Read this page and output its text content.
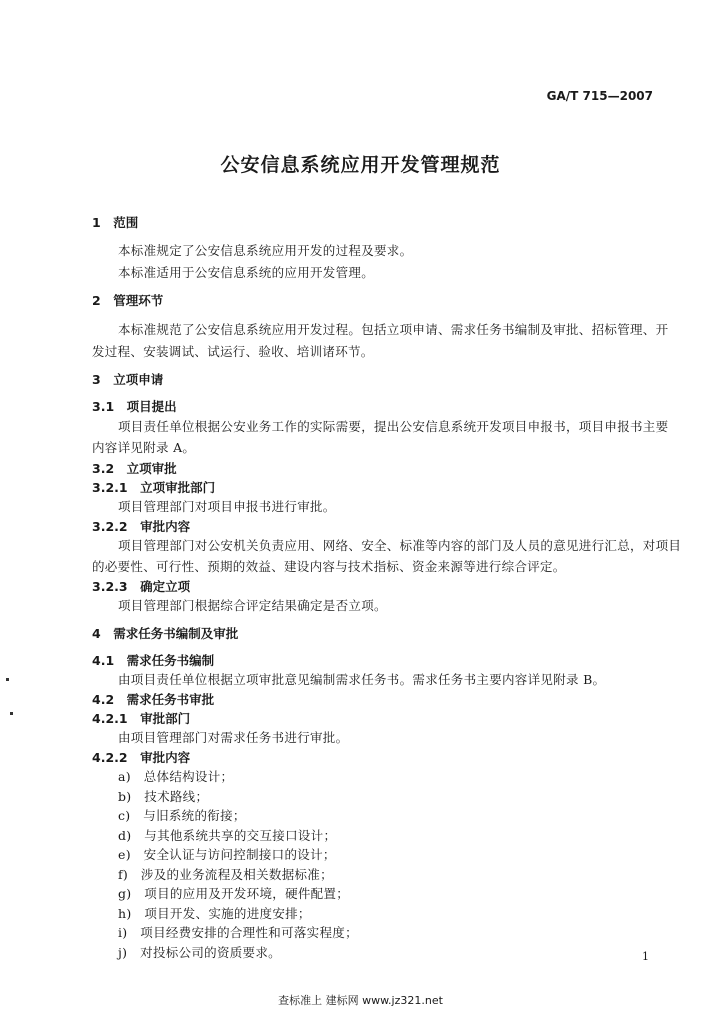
GA/T 715—2007
公安信息系统应用开发管理规范
1　范围
本标准规定了公安信息系统应用开发的过程及要求。
本标准适用于公安信息系统的应用开发管理。
2　管理环节
本标准规范了公安信息系统应用开发过程。包括立项申请、需求任务书编制及审批、招标管理、开
发过程、安装调试、试运行、验收、培训诸环节。
3　立项申请
3.1　项目提出
项目责任单位根据公安业务工作的实际需要，提出公安信息系统开发项目申报书，项目申报书主要
内容详见附录 A。
3.2　立项审批
3.2.1　立项审批部门
项目管理部门对项目申报书进行审批。
3.2.2　审批内容
项目管理部门对公安机关负责应用、网络、安全、标准等内容的部门及人员的意见进行汇总，对项目
的必要性、可行性、预期的效益、建设内容与技术指标、资金来源等进行综合评定。
3.2.3　确定立项
项目管理部门根据综合评定结果确定是否立项。
4　需求任务书编制及审批
4.1　需求任务书编制
由项目责任单位根据立项审批意见编制需求任务书。需求任务书主要内容详见附录 B。
4.2　需求任务书审批
4.2.1　审批部门
由项目管理部门对需求任务书进行审批。
4.2.2　审批内容
a)　总体结构设计；
b)　技术路线；
c)　与旧系统的衔接；
d)　与其他系统共享的交互接口设计；
e)　安全认证与访问控制接口的设计；
f)　涉及的业务流程及相关数据标准；
g)　项目的应用及开发环境，硬件配置；
h)　项目开发、实施的进度安排；
i)　项目经费安排的合理性和可落实程度；
j)　对投标公司的资质要求。	1
查标准上 建标网 www.jz321.net
